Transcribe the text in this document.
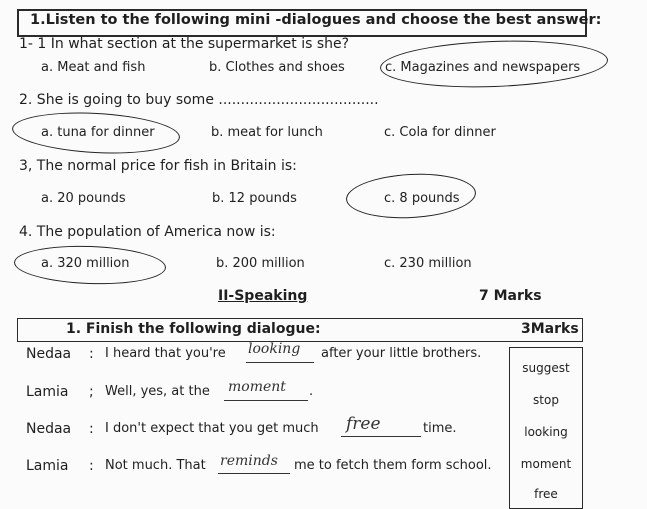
1.Listen to the following mini -dialogues and choose the best answer:
1- 1 In what section at the supermarket is she?
a. Meat and fish	b. Clothes and shoes	c. Magazines and newspapers
2. She is going to buy some ....................................
a. tuna for dinner	b. meat for lunch	c. Cola for dinner
3, The normal price for fish in Britain is:
a. 20 pounds	b. 12 pounds	c. 8 pounds
4. The population of America now is:
a. 320 million	b. 200 million	c. 230 million
II-Speaking	7 Marks
1. Finish the following dialogue:	3Marks
suggest
stop
looking
moment
free
Nedaa : I heard that you're looking after your little brothers.
Lamia ; Well, yes, at the moment .
Nedaa : I don't expect that you get much free	time.
Lamia : Not much. That reminds me to fetch them form school.
